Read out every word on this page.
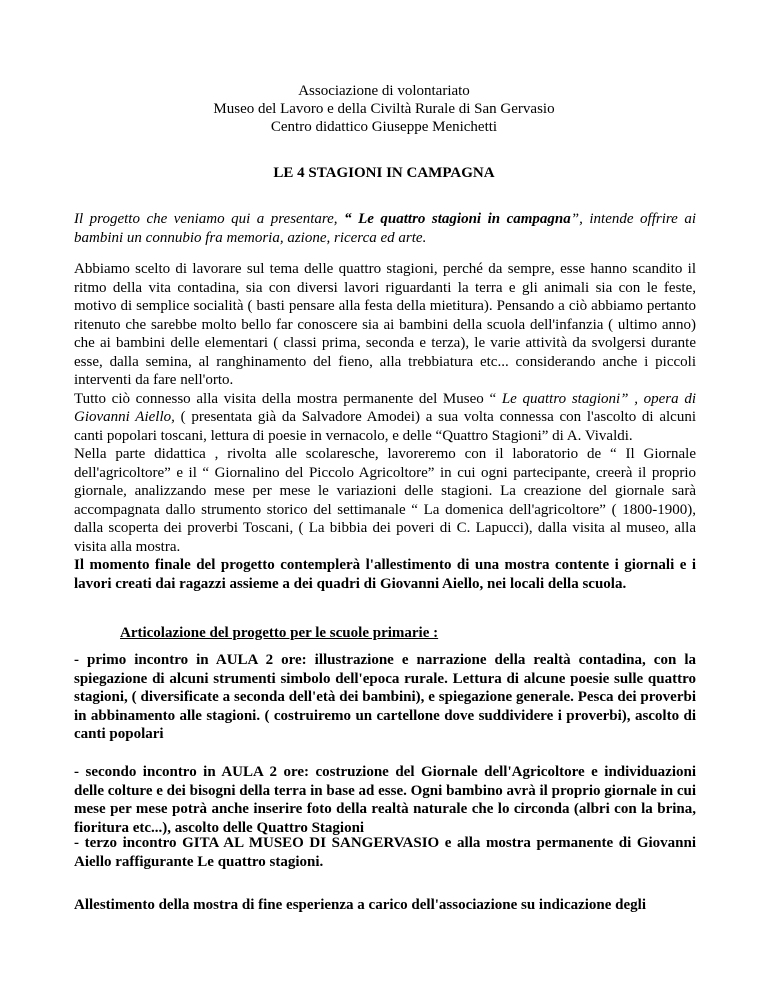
Associazione di volontariato
Museo del Lavoro e della Civiltà Rurale di San Gervasio
Centro didattico Giuseppe Menichetti
LE 4 STAGIONI IN CAMPAGNA
Il progetto che veniamo qui a presentare, “ Le quattro stagioni in campagna”, intende offrire ai bambini un connubio fra memoria, azione, ricerca ed arte.

Abbiamo scelto di lavorare sul tema delle quattro stagioni, perché da sempre, esse hanno scandito il ritmo della vita contadina, sia con diversi lavori riguardanti la terra e gli animali sia con le feste, motivo di semplice socialità ( basti pensare alla festa della mietitura). Pensando a ciò abbiamo pertanto ritenuto che sarebbe molto bello far conoscere sia ai bambini della scuola dell'infanzia ( ultimo anno) che ai bambini delle elementari ( classi prima, seconda e terza), le varie attività da svolgersi durante esse, dalla semina, al ranghinamento del fieno, alla trebbiatura etc... considerando anche i piccoli interventi da fare nell'orto.

Tutto ciò connesso alla visita della mostra permanente del Museo “ Le quattro stagioni” , opera di Giovanni Aiello, ( presentata già da Salvadore Amodei) a sua volta connessa con l'ascolto di alcuni canti popolari toscani, lettura di poesie in vernacolo, e delle “Quattro Stagioni” di A. Vivaldi.

Nella parte didattica , rivolta alle scolaresche, lavoreremo con il laboratorio de “ Il Giornale dell'agricoltore” e il “ Giornalino del Piccolo Agricoltore” in cui ogni partecipante, creerà il proprio giornale, analizzando mese per mese le variazioni delle stagioni. La creazione del giornale sarà accompagnata dallo strumento storico del settimanale “ La domenica dell'agricoltore” ( 1800-1900), dalla scoperta dei proverbi Toscani, ( La bibbia dei poveri di C. Lapucci), dalla visita al museo, alla visita alla mostra.

Il momento finale del progetto contemplerà l'allestimento di una mostra contente i giornali e i lavori creati dai ragazzi assieme a dei quadri di Giovanni Aiello, nei locali della scuola.

Articolazione del progetto per le scuole primarie :
- primo incontro in AULA 2 ore: illustrazione e narrazione della realtà contadina, con la spiegazione di alcuni strumenti simbolo dell'epoca rurale. Lettura di alcune poesie sulle quattro stagioni, ( diversificate a seconda dell'età dei bambini), e spiegazione generale. Pesca dei proverbi in abbinamento alle stagioni. ( costruiremo un cartellone dove suddividere i proverbi), ascolto di canti popolari
- secondo incontro in AULA 2 ore: costruzione del Giornale dell'Agricoltore e individuazioni delle colture e dei bisogni della terra in base ad esse. Ogni bambino avrà il proprio giornale in cui mese per mese potrà anche inserire foto della realtà naturale che lo circonda (albri con la brina, fioritura etc...), ascolto delle Quattro Stagioni
- terzo incontro GITA AL MUSEO DI SANGERVASIO e alla mostra permanente di Giovanni Aiello raffigurante Le quattro stagioni.
Allestimento della mostra di fine esperienza a carico dell'associazione su indicazione degli
